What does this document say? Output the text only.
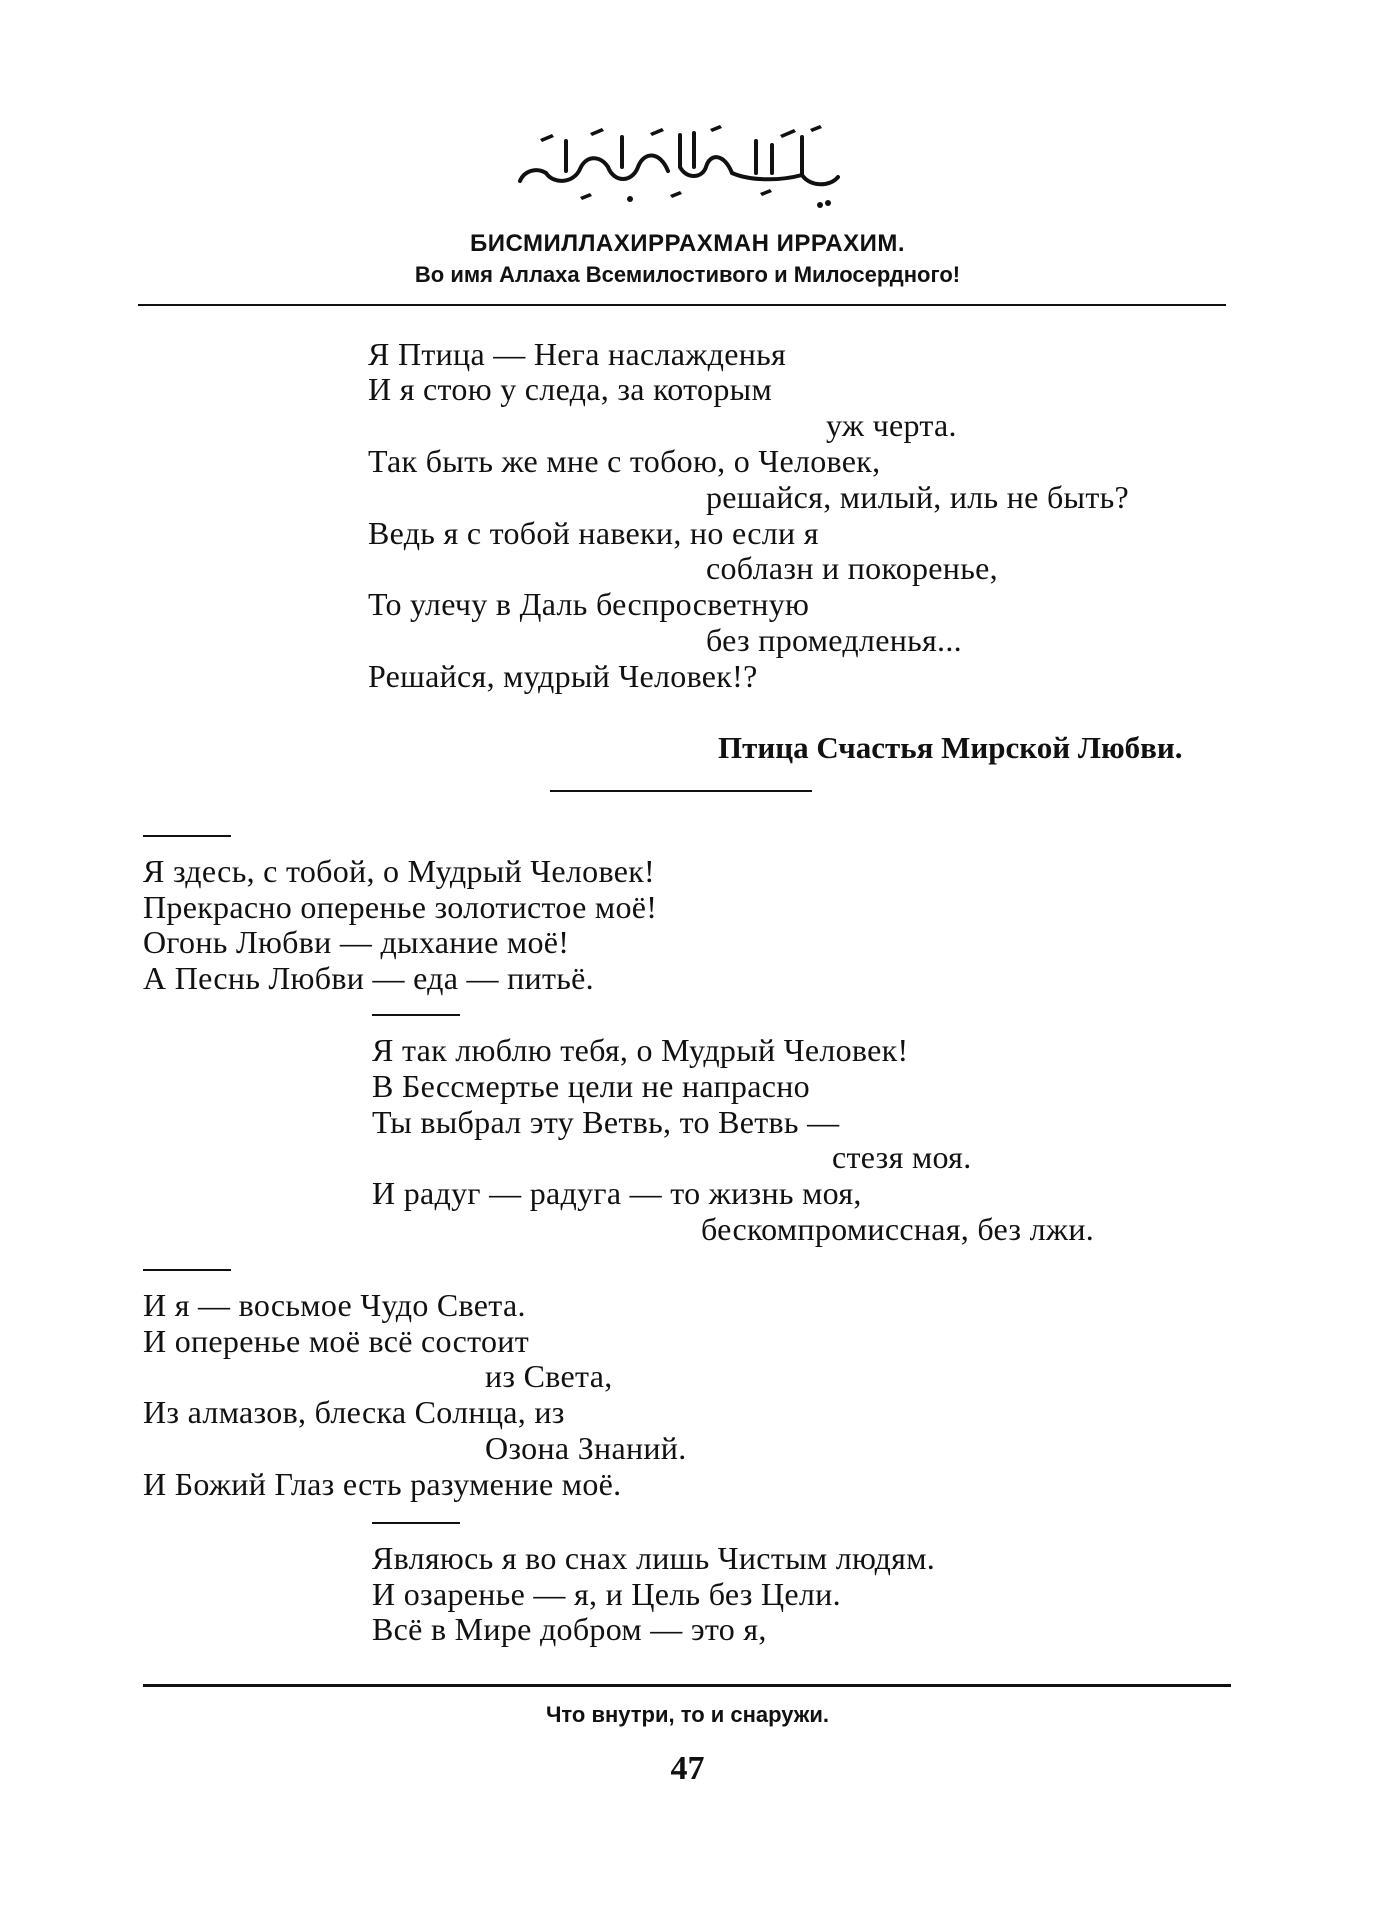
БИСМИЛЛАХИРРАХМАН ИРРАХИМ.
Во имя Аллаха Всемилостивого и Милосердного!
Я Птица — Нега наслажденья
И я стою у следа, за которым
уж черта.
Так быть же мне с тобою, о Человек,
решайся, милый, иль не быть?
Ведь я с тобой навеки, но если я
соблазн и покоренье,
То улечу в Даль беспросветную
без промедленья...
Решайся, мудрый Человек!?
Птица Счастья Мирской Любви.
Я здесь, с тобой, о Мудрый Человек!
Прекрасно оперенье золотистое моё!
Огонь Любви — дыхание моё!
А Песнь Любви — еда — питьё.
Я так люблю тебя, о Мудрый Человек!
В Бессмертье цели не напрасно
Ты выбрал эту Ветвь, то Ветвь —
стезя моя.
И радуг — радуга — то жизнь моя,
бескомпромиссная, без лжи.
И я — восьмое Чудо Света.
И опеpенье моё всё состоит
из Света,
Из алмазов, блеска Солнца, из
Озона Знаний.
И Божий Глаз есть разумение моё.
Являюсь я во снах лишь Чистым людям.
И озаренье — я, и Цель без Цели.
Всё в Мире добром — это я,
Что внутри, то и снаружи.
47
